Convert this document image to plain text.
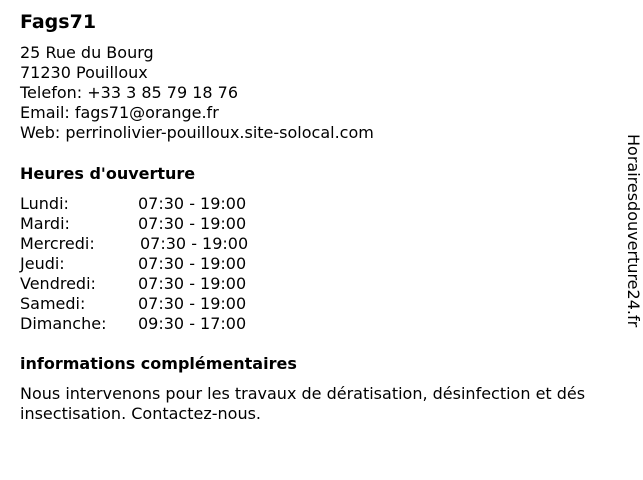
Fags71
25 Rue du Bourg
71230 Pouilloux
Telefon: +33 3 85 79 18 76
Email: fags71@orange.fr
Web: perrinolivier-pouilloux.site-solocal.com
Heures d'ouverture
Lundi:	07:30 - 19:00
Mardi:	07:30 - 19:00
Mercredi:	07:30 - 19:00
Jeudi:	07:30 - 19:00
Vendredi:	07:30 - 19:00
Samedi:	07:30 - 19:00
Dimanche: 09:30 - 17:00
informations complémentaires
Nous intervenons pour les travaux de dératisation, désinfection et dés
insectisation. Contactez-nous.
Horairesdouverture24.fr
